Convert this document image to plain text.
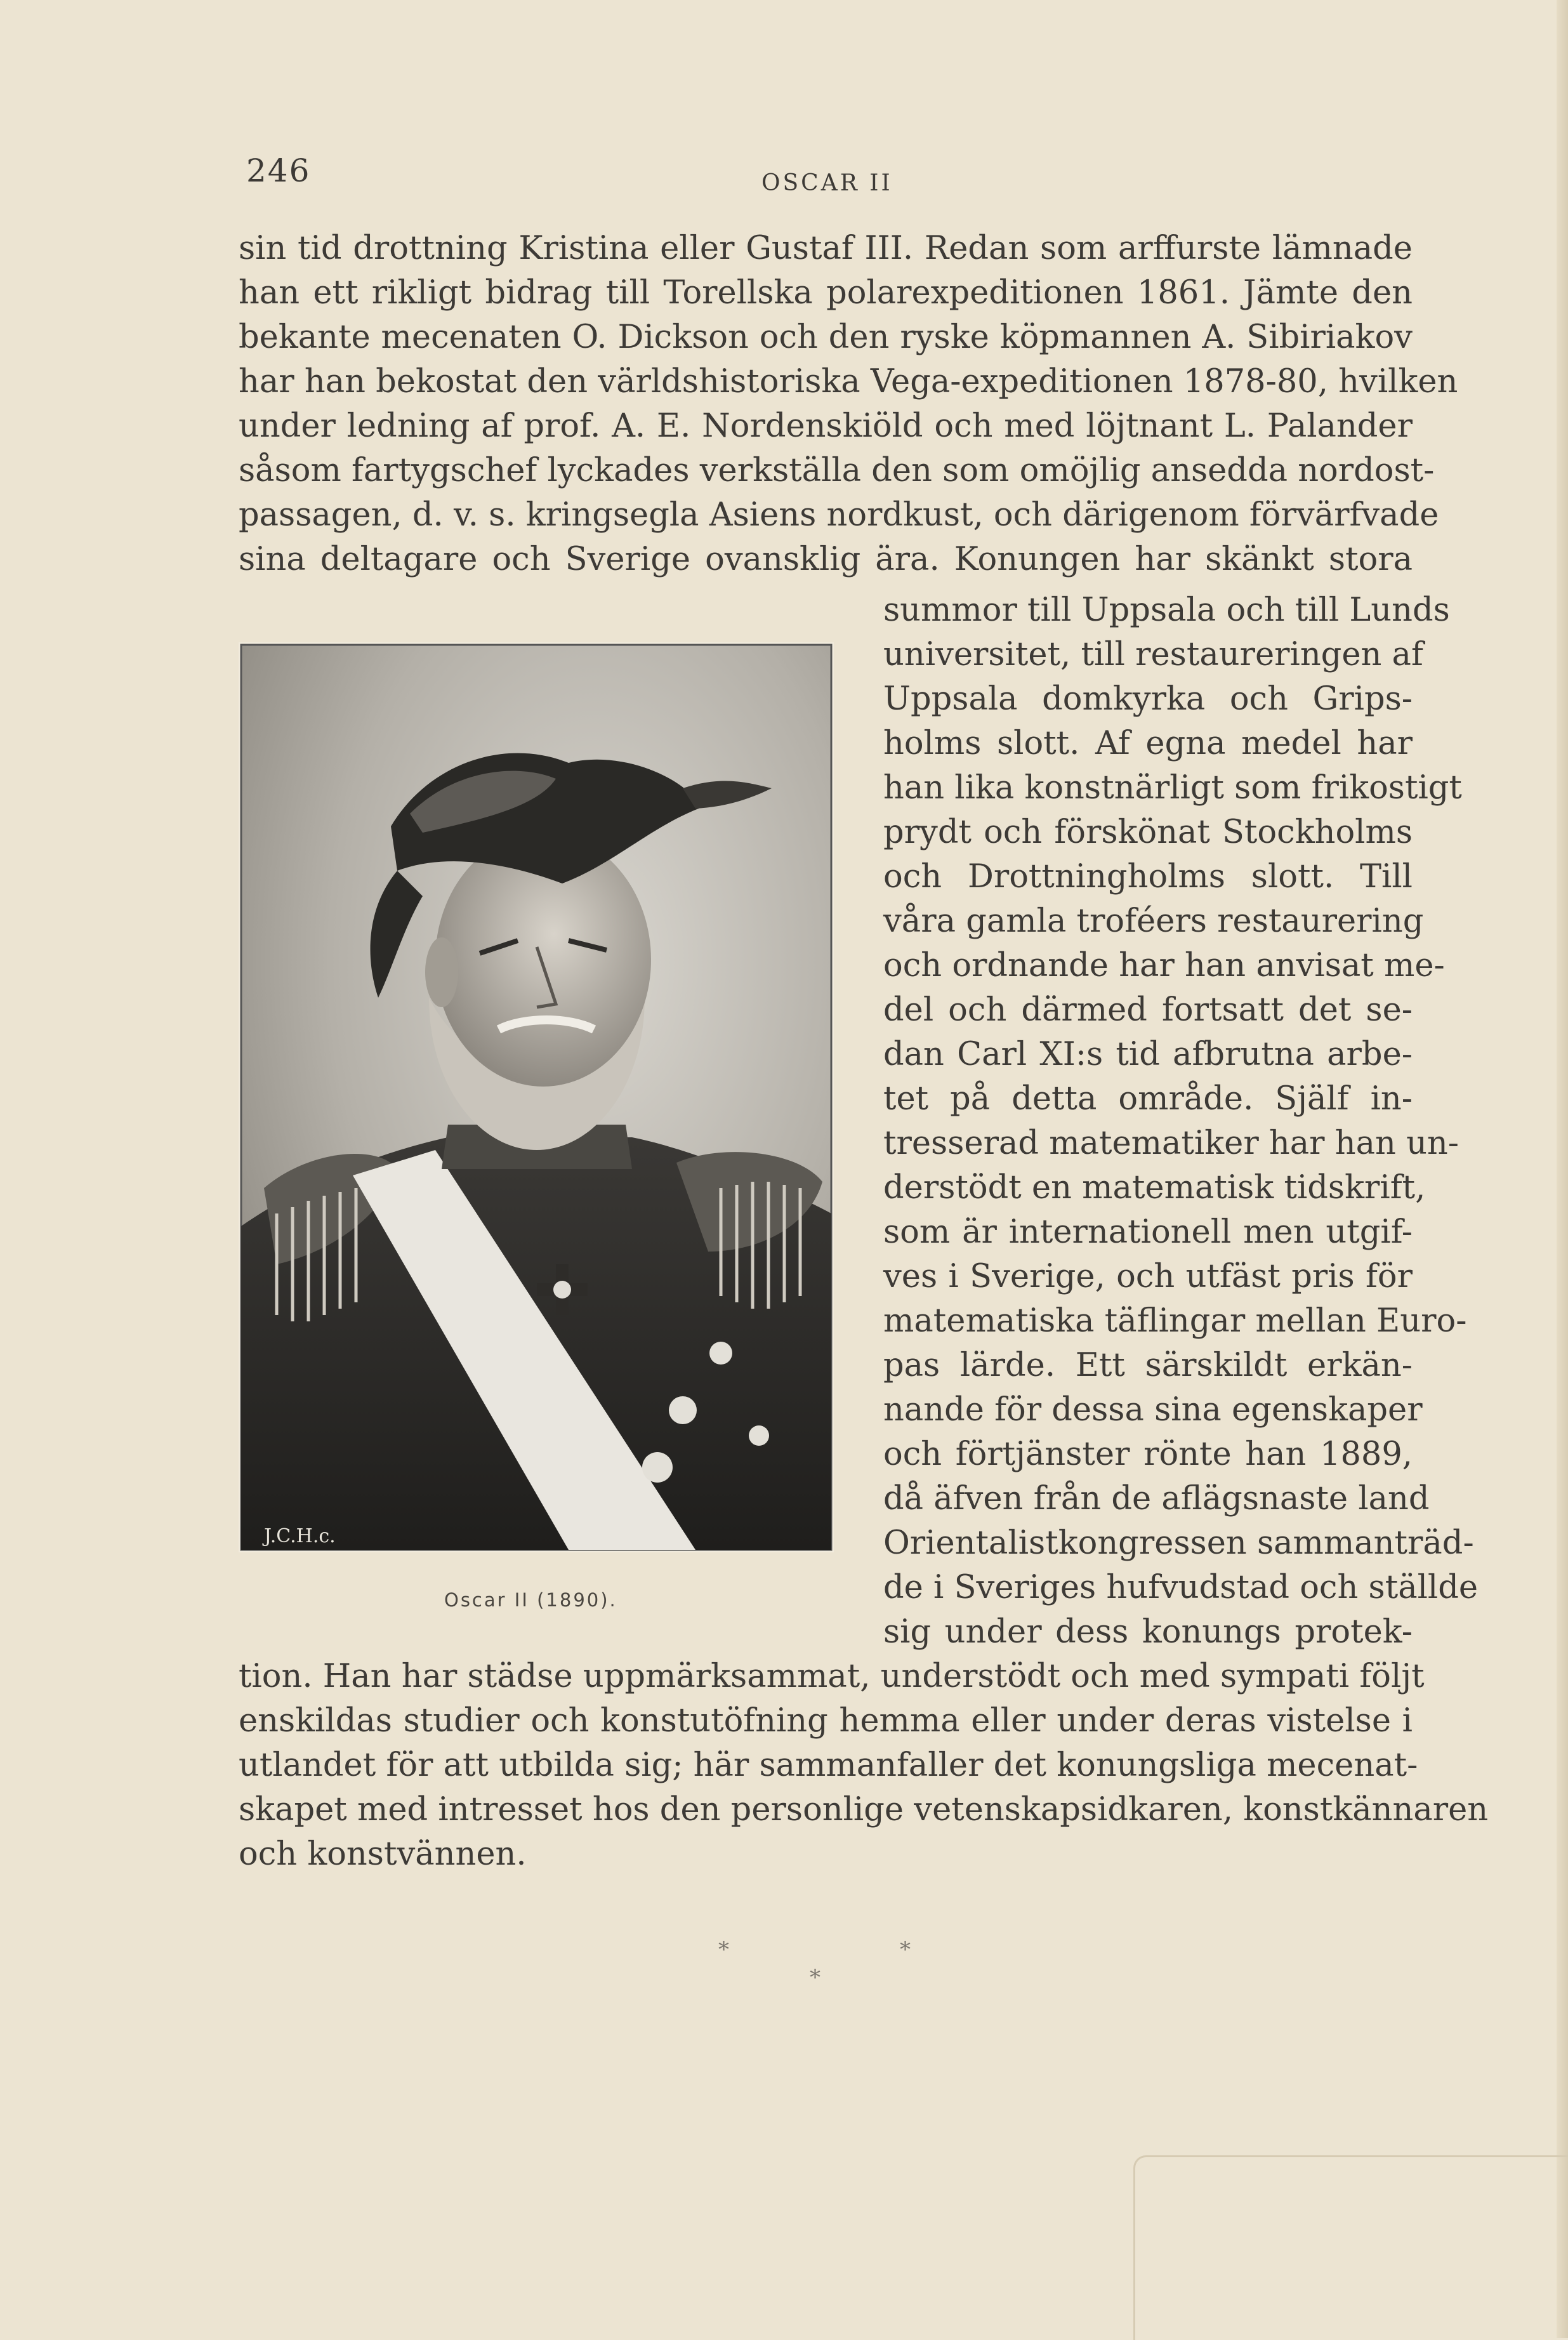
246	OSCAR II
sin tid drottning Kristina eller Gustaf III. Redan som arffurste lämnade
han ett rikligt bidrag till Torellska polarexpeditionen 1861. Jämte den
bekante mecenaten O. Dickson och den ryske köpmannen A. Sibiriakov
har han bekostat den världshistoriska Vega-expeditionen 1878-80, hvilken
under ledning af prof. A. E. Nordenskiöld och med löjtnant L. Palander
såsom fartygschef lyckades verkställa den som omöjlig ansedda nordost-
passagen, d. v. s. kringsegla Asiens nordkust, och därigenom förvärfvade
sina deltagare och Sverige ovansklig ära. Konungen har skänkt stora
summor till Uppsala och till Lunds
universitet, till restaureringen af
Uppsala domkyrka och Grips-
holms slott. Af egna medel har
han lika konstnärligt som frikostigt
prydt och förskönat Stockholms
och Drottningholms slott. Till
våra gamla troféers restaurering
och ordnande har han anvisat me-
del och därmed fortsatt det se-
dan Carl XI:s tid afbrutna arbe-
tet på detta område. Själf in-
tresserad matematiker har han un-
derstödt en matematisk tidskrift,
som är internationell men utgif-
ves i Sverige, och utfäst pris för
matematiska täflingar mellan Euro-
pas lärde. Ett särskildt erkän-
nande för dessa sina egenskaper
och förtjänster rönte han 1889,
då äfven från de aflägsnaste land
Orientalistkongressen sammanträd-
de i Sveriges hufvudstad och ställde
sig under dess konungs protek-
tion. Han har städse uppmärksammat, understödt och med sympati följt
enskildas studier och konstutöfning hemma eller under deras vistelse i
utlandet för att utbilda sig; här sammanfaller det konungsliga mecenat-
skapet med intresset hos den personlige vetenskapsidkaren, konstkännaren
och konstvännen.
J.C.H.c.
Oscar II (1890).
*	*
*
